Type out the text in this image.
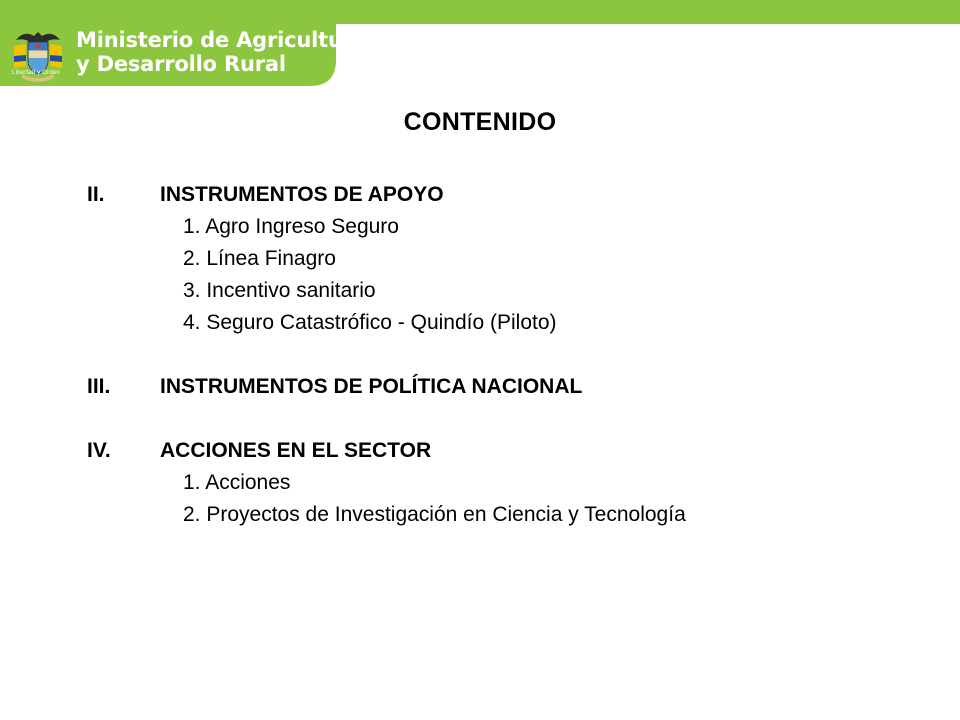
Libertad y Orden
Ministerio de Agricultura
y Desarrollo Rural
CONTENIDO
II.	INSTRUMENTOS DE APOYO
1. Agro Ingreso Seguro
2. Línea Finagro
3. Incentivo sanitario
4. Seguro Catastrófico - Quindío (Piloto)
III. INSTRUMENTOS DE POLÍTICA NACIONAL
IV. ACCIONES EN EL SECTOR
1. Acciones
2. Proyectos de Investigación en Ciencia y Tecnología
